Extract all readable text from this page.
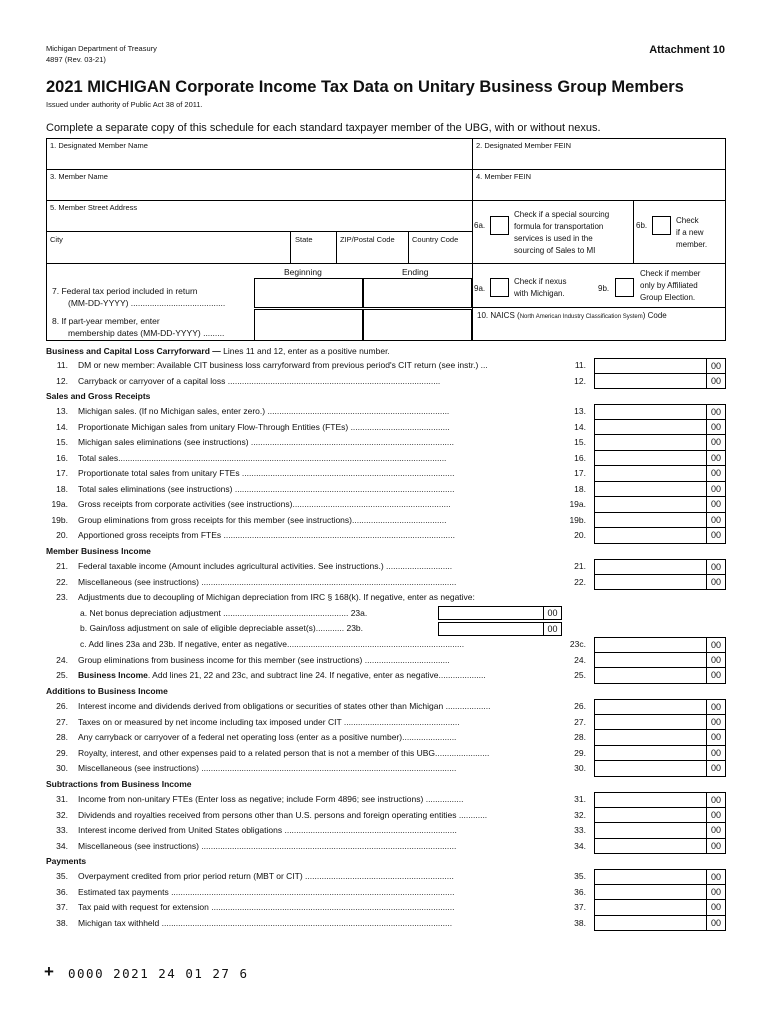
Michigan Department of Treasury
4897 (Rev. 03-21)
Attachment 10
2021 MICHIGAN Corporate Income Tax Data on Unitary Business Group Members
Issued under authority of Public Act 38 of 2011.
Complete a separate copy of this schedule for each standard taxpayer member of the UBG, with or without nexus.
1. Designated Member Name	2. Designated Member FEIN
3. Member Name	4. Member FEIN
5. Member Street Address
City	State	ZIP/Postal Code Country Code
6a.
Check if a special sourcing
formula for transportation
services is used in the
sourcing of Sales to MI
6b.
Check
if a new
member.
Beginning	Ending
7. Federal tax period included in return
(MM-DD-YYYY) ........................................
8. If part-year member, enter
membership dates (MM-DD-YYYY) .........
9a.
Check if nexus
with Michigan.
9b.
Check if member
only by Affiliated
Group Election.
10. NAICS (North American Industry Classification System) Code
Business and Capital Loss Carryforward — Lines 11 and 12, enter as a positive number.
11. DM or new member: Available CIT business loss carryforward from previous period's CIT return (see instr.) ...	11.	00
12. Carryback or carryover of a capital loss ..........................................................................................	12.	00
Sales and Gross Receipts
13. Michigan sales. (If no Michigan sales, enter zero.) .............................................................................	13.	00
14. Proportionate Michigan sales from unitary Flow-Through Entities (FTEs) ..........................................	14.	00
15. Michigan sales eliminations (see instructions) ......................................................................................	15.	00
16. Total sales...........................................................................................................................................	16.	00
17. Proportionate total sales from unitary FTEs ..........................................................................................	17.	00
18. Total sales eliminations (see instructions) .............................................................................................	18.	00
19a. Gross receipts from corporate activities (see instructions)...................................................................	19a.	00
19b. Group eliminations from gross receipts for this member (see instructions)........................................	19b.	00
20. Apportioned gross receipts from FTEs ..................................................................................................	20.	00
Member Business Income
21. Federal taxable income (Amount includes agricultural activities. See instructions.) ............................	21.	00
22. Miscellaneous (see instructions) ............................................................................................................	22.	00
23. Adjustments due to decoupling of Michigan depreciation from IRC § 168(k). If negative, enter as negative:
a. Net bonus depreciation adjustment ..................................................... 23a.	00
b. Gain/loss adjustment on sale of eligible depreciable asset(s)............ 23b.	00
c. Add lines 23a and 23b. If negative, enter as negative...........................................................................	23c.	00
24. Group eliminations from business income for this member (see instructions) ....................................	24.	00
25. Business Income. Add lines 21, 22 and 23c, and subtract line 24. If negative, enter as negative....................	25.	00
Additions to Business Income
26. Interest income and dividends derived from obligations or securities of states other than Michigan ...................	26.	00
27. Taxes on or measured by net income including tax imposed under CIT .................................................	27.	00
28. Any carryback or carryover of a federal net operating loss (enter as a positive number).......................	28.	00
29. Royalty, interest, and other expenses paid to a related person that is not a member of this UBG.......................	29.	00
30. Miscellaneous (see instructions) ............................................................................................................	30.	00
Subtractions from Business Income
31. Income from non-unitary FTEs (Enter loss as negative; include Form 4896; see instructions) ................	31.	00
32. Dividends and royalties received from persons other than U.S. persons and foreign operating entities ............	32.	00
33. Interest income derived from United States obligations .........................................................................	33.	00
34. Miscellaneous (see instructions) ............................................................................................................	34.	00
Payments
35. Overpayment credited from prior period return (MBT or CIT) ...............................................................	35.	00
36. Estimated tax payments ........................................................................................................................	36.	00
37. Tax paid with request for extension .......................................................................................................	37.	00
38. Michigan tax withheld ...........................................................................................................................	38.	00
+ 0000 2021 24 01 27 6
